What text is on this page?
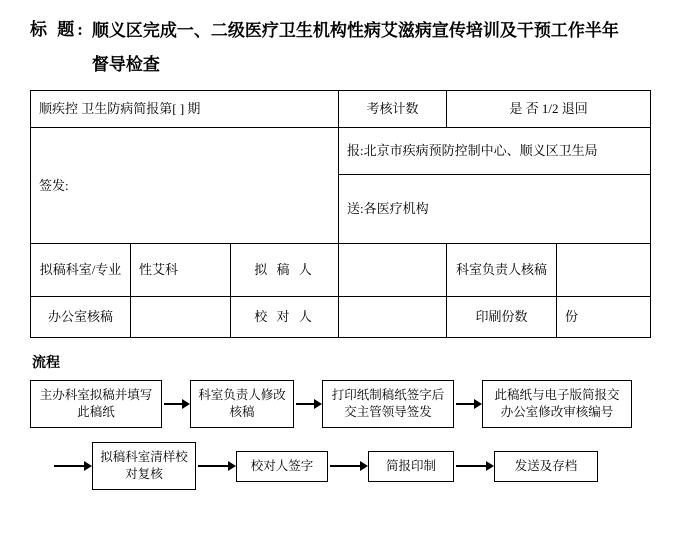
标 题: 顺义区完成一、二级医疗卫生机构性病艾滋病宣传培训及干预工作半年督导检查
顺疾控 卫生防病简报第[ ] 期			考核计数	是 否 1/2 退回	
签发:			报:北京市疾病预防控制中心、顺义区卫生局		
			送:各医疗机构		
拟稿科室/专业	性艾科	拟 稿 人		科室负责人核稿	
办公室核稿		校 对 人		印刷份数	份
流程
主办科室拟稿并填写此稿纸
科室负责人修改核稿
打印纸制稿纸签字后交主管领导签发
此稿纸与电子版简报交办公室修改审核编号
拟稿科室清样校对复核
校对人签字	简报印制	发送及存档
